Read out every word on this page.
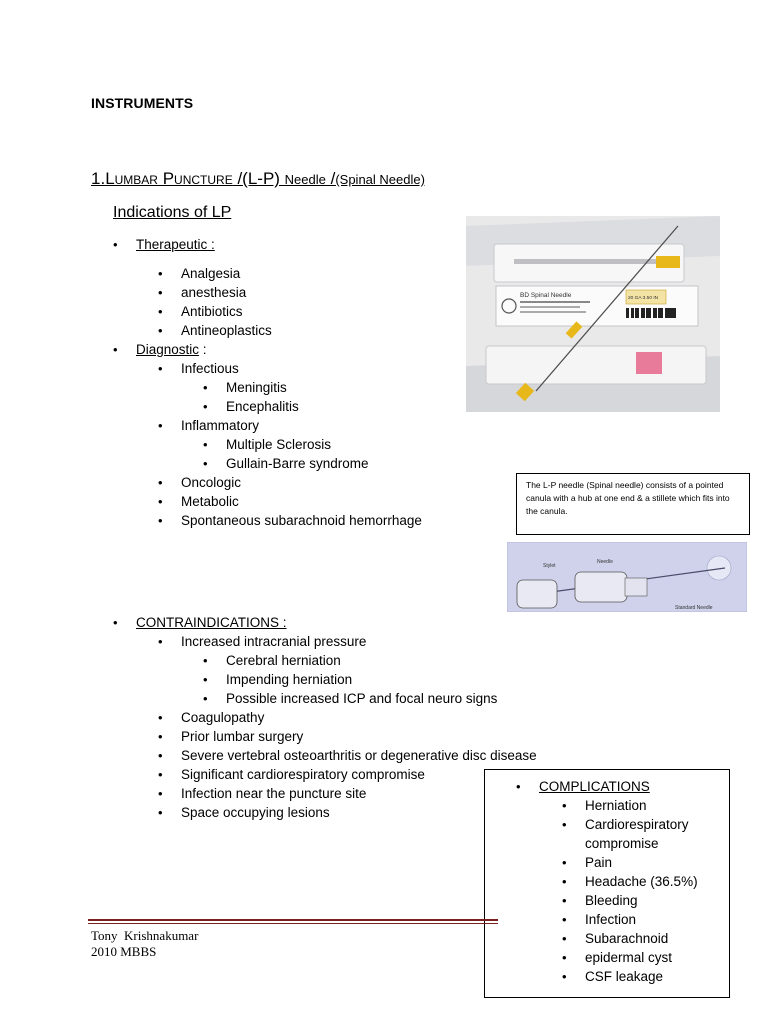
INSTRUMENTS
1.Lumbar Puncture /(L-P) Needle /(Spinal Needle)
Indications of LP
• Therapeutic :
• Analgesia
• anesthesia
• Antibiotics
• Antineoplastics
• Diagnostic :
• Infectious
• Meningitis
• Encephalitis
• Inflammatory
• Multiple Sclerosis
• Gullain-Barre syndrome
• Oncologic
• Metabolic
• Spontaneous subarachnoid hemorrhage
BD Spinal Needle	20 GA 3.50 IN
The L-P needle (Spinal needle) consists of a pointed canula with a hub at one end & a stillete which fits into the canula.
Stylet
Needle
Standard Needle
• CONTRAINDICATIONS :
• Increased intracranial pressure
• Cerebral herniation
• Impending herniation
• Possible increased ICP and focal neuro signs
• Coagulopathy
• Prior lumbar surgery
• Severe vertebral osteoarthritis or degenerative disc disease
• Significant cardiorespiratory compromise
• Infection near the puncture site
• Space occupying lesions
• COMPLICATIONS
• Herniation
• Cardiorespiratory
compromise
• Pain
• Headache (36.5%)
• Bleeding
• Infection
• Subarachnoid
• epidermal cyst
• CSF leakage
Tony  Krishnakumar
2010 MBBS
